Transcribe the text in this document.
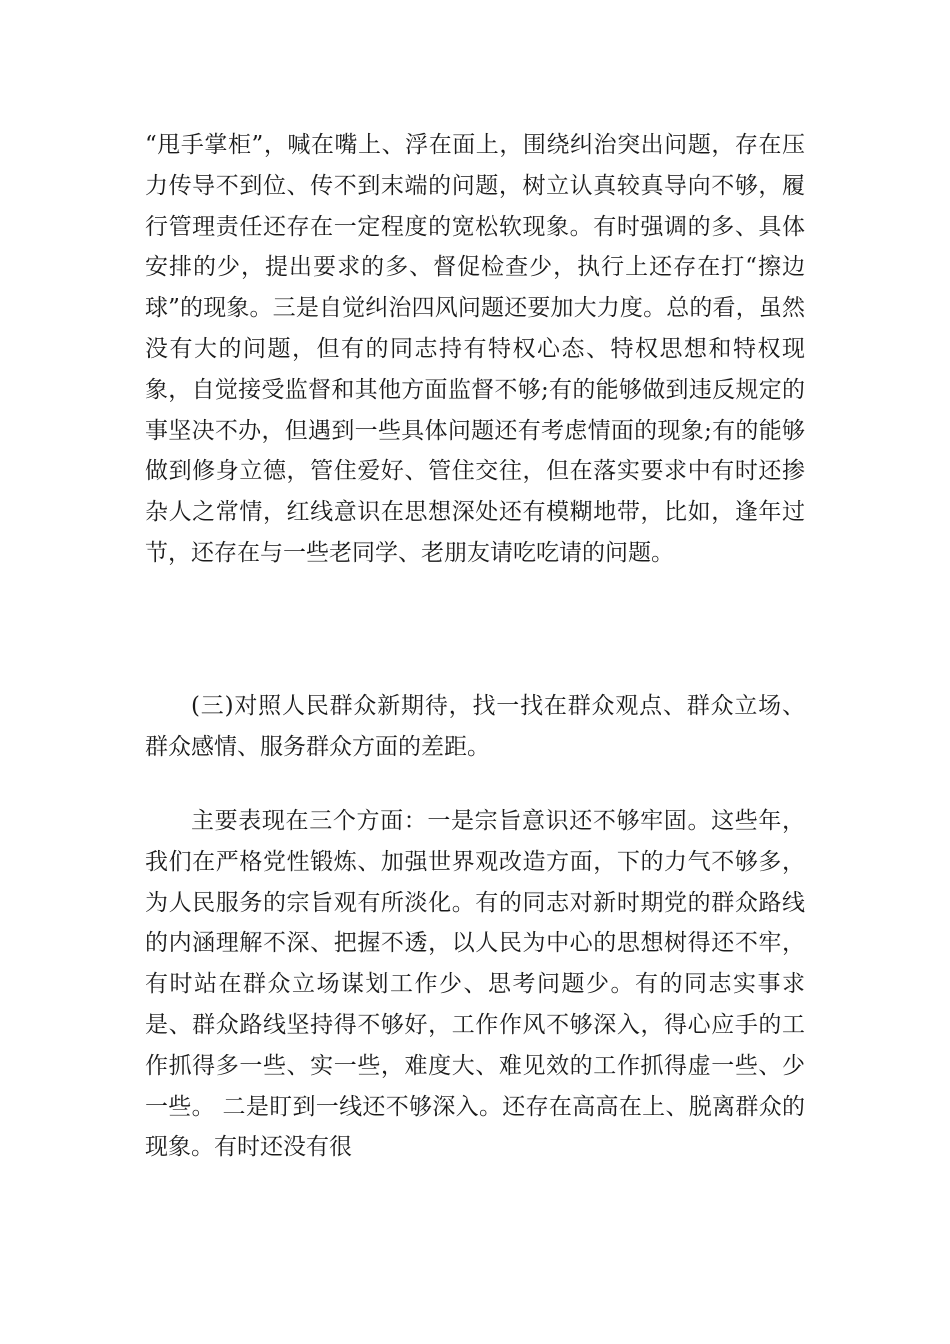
“甩手掌柜”，喊在嘴上、浮在面上，围绕纠治突出问题，存在压力传导不到位、传不到末端的问题，树立认真较真导向不够，履行管理责任还存在一定程度的宽松软现象。有时强调的多、具体安排的少，提出要求的多、督促检查少，执行上还存在打“擦边球”的现象。三是自觉纠治四风问题还要加大力度。总的看，虽然没有大的问题，但有的同志持有特权心态、特权思想和特权现象，自觉接受监督和其他方面监督不够;有的能够做到违反规定的事坚决不办，但遇到一些具体问题还有考虑情面的现象;有的能够做到修身立德，管住爱好、管住交往，但在落实要求中有时还掺杂人之常情，红线意识在思想深处还有模糊地带，比如，逢年过节，还存在与一些老同学、老朋友请吃吃请的问题。

(三)对照人民群众新期待，找一找在群众观点、群众立场、群众感情、服务群众方面的差距。

主要表现在三个方面：一是宗旨意识还不够牢固。这些年，我们在严格党性锻炼、加强世界观改造方面，下的力气不够多，为人民服务的宗旨观有所淡化。有的同志对新时期党的群众路线的内涵理解不深、把握不透，以人民为中心的思想树得还不牢，有时站在群众立场谋划工作少、思考问题少。有的同志实事求是、群众路线坚持得不够好，工作作风不够深入，得心应手的工作抓得多一些、实一些，难度大、难见效的工作抓得虚一些、少一些。 二是盯到一线还不够深入。还存在高高在上、脱离群众的现象。有时还没有很
